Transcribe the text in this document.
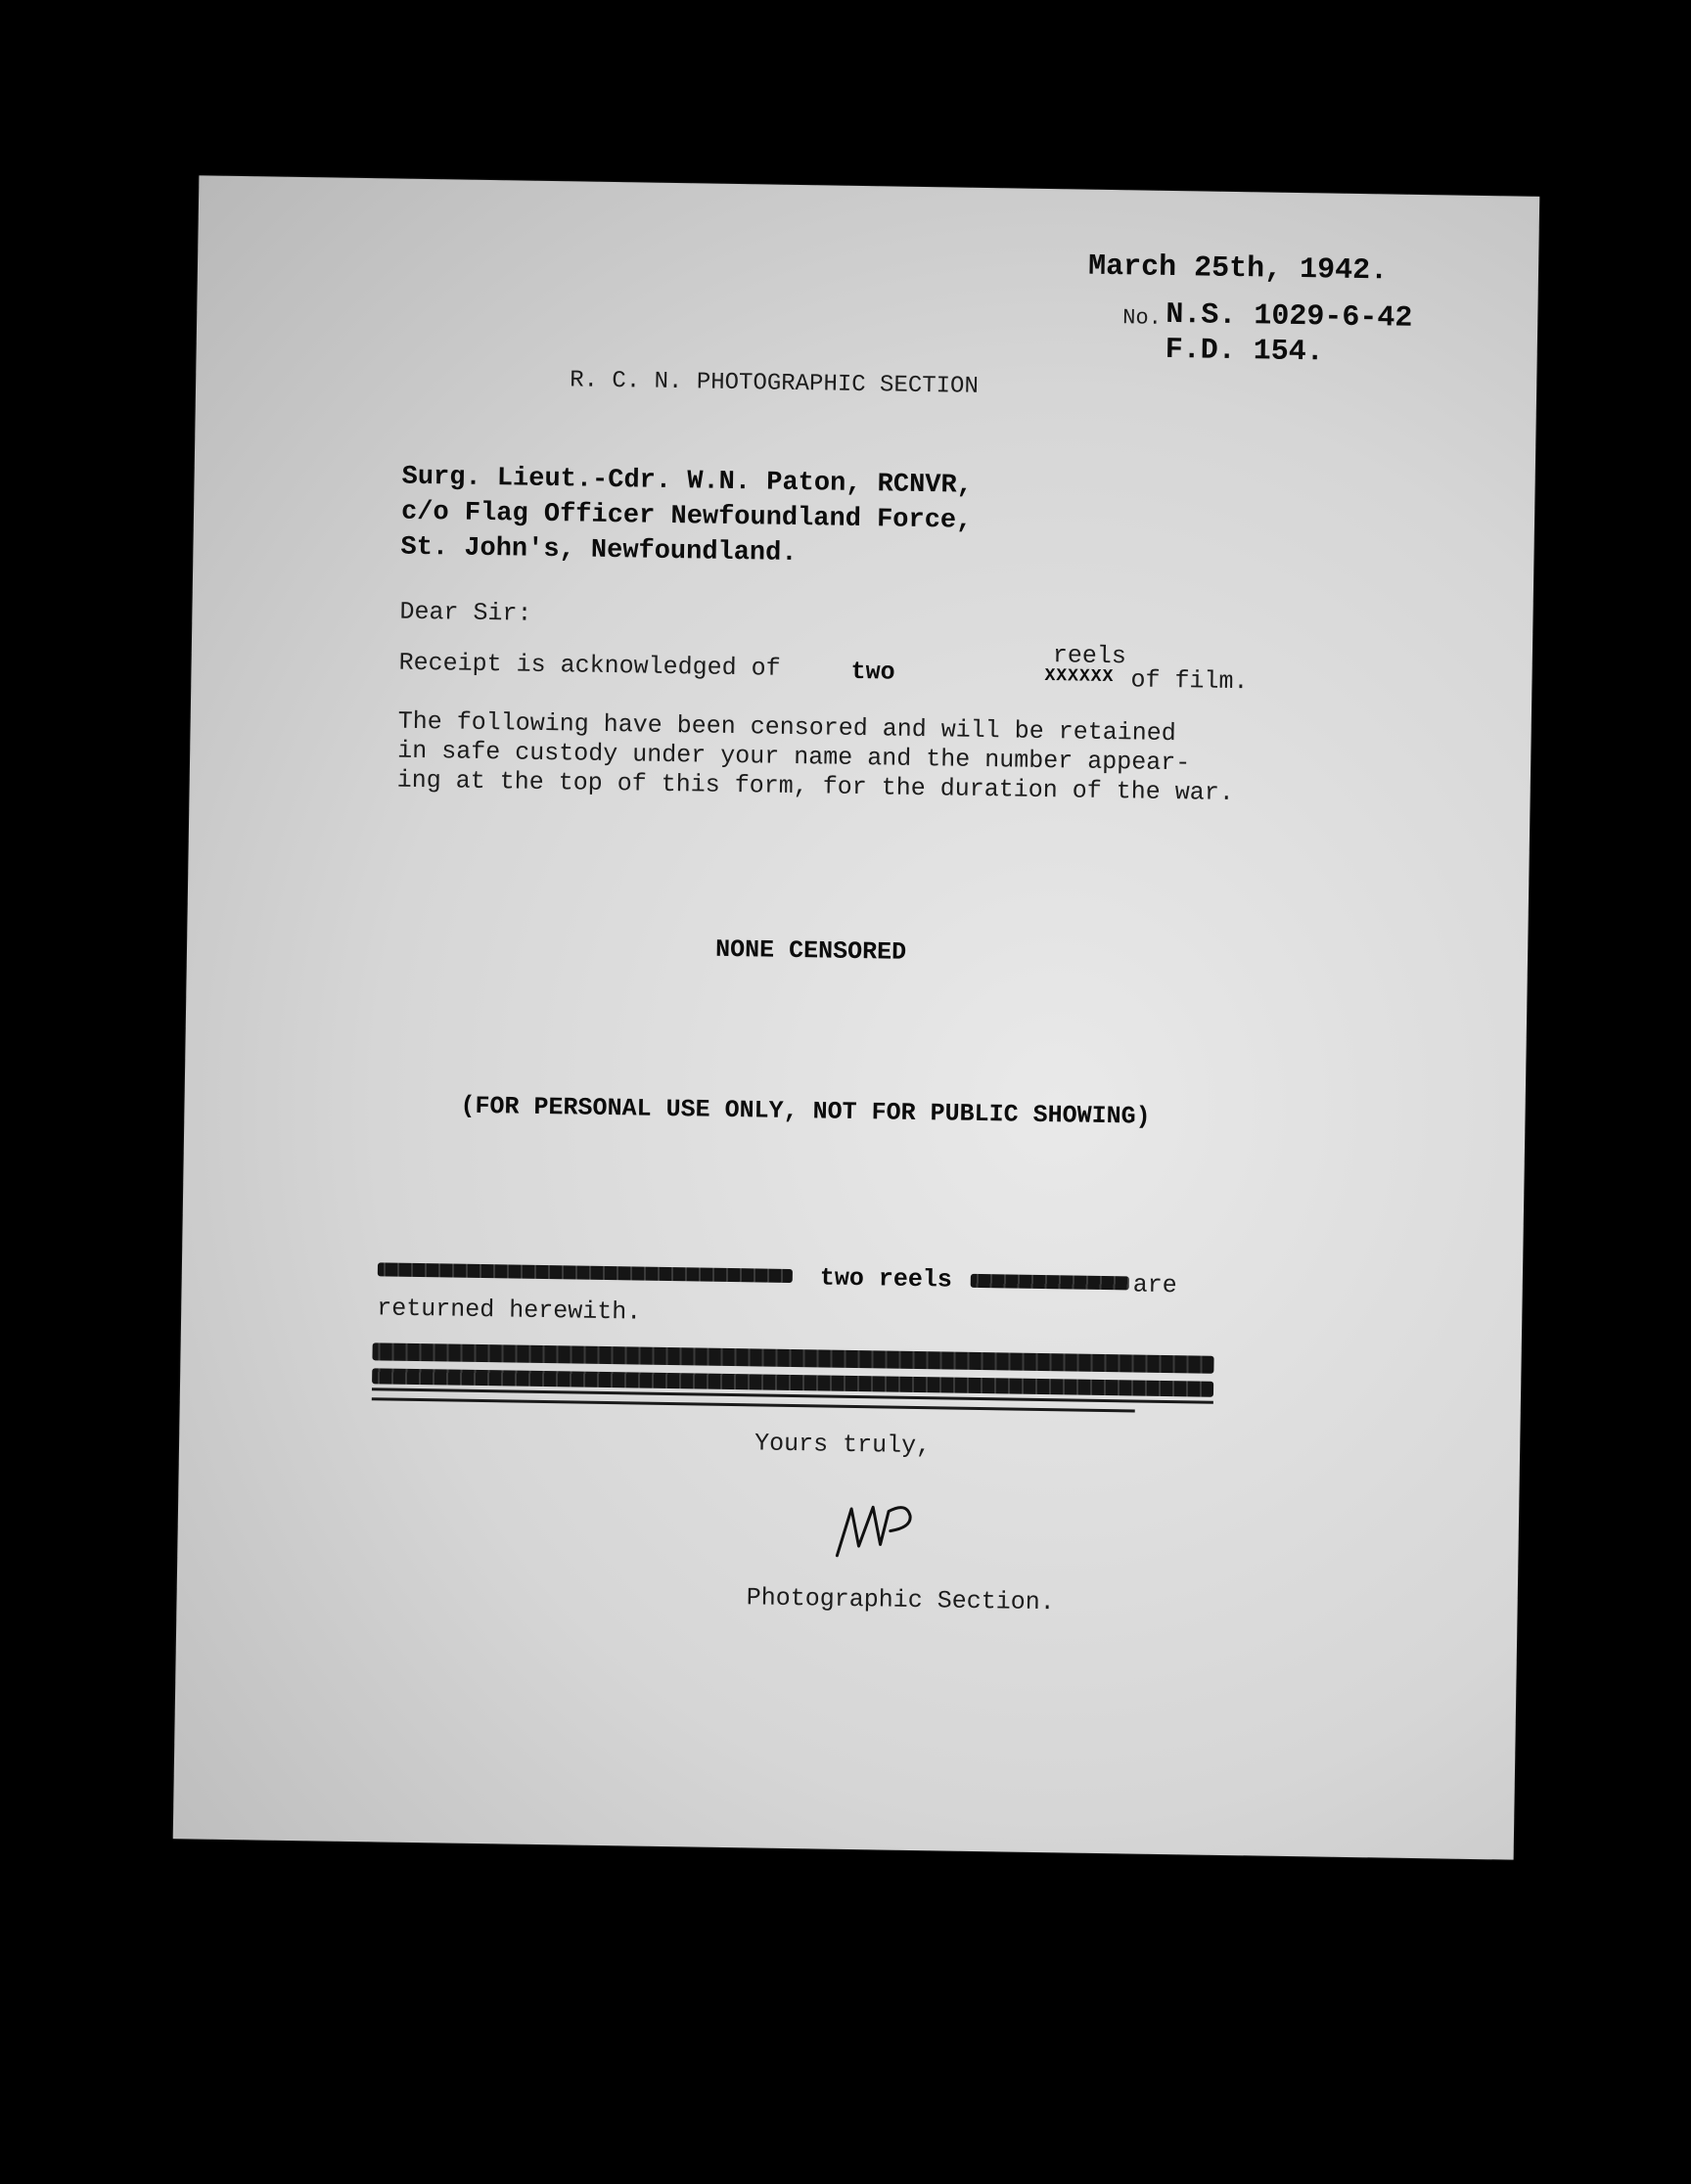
March 25th, 1942.
No. N.S. 1029-6-42
F.D. 154.
R. C. N. PHOTOGRAPHIC SECTION
Surg. Lieut.-Cdr. W.N. Paton, RCNVR,
c/o Flag Officer Newfoundland Force,
St. John's, Newfoundland.
Dear Sir:
Receipt is acknowledged of	two
reels
XXXXXX of film.
The following have been censored and will be retained
in safe custody under your name and the number appear-
ing at the top of this form, for the duration of the war.
NONE CENSORED
(FOR PERSONAL USE ONLY, NOT FOR PUBLIC SHOWING)
two reels	are
returned herewith.
Yours truly,
Photographic Section.
